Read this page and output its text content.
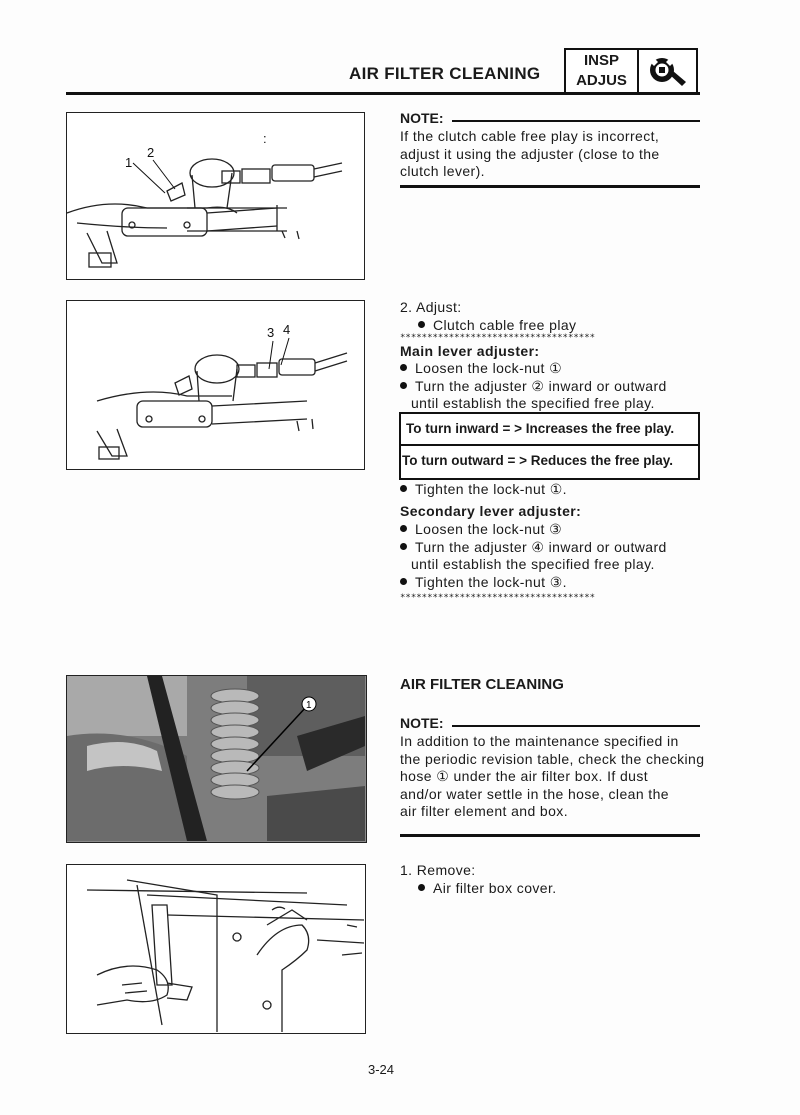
AIR FILTER CLEANING
INSP
ADJUS
1
2
:
3 4
NOTE:
If the clutch cable free play is incorrect,
adjust it using the adjuster (close to the
clutch lever).
2. Adjust:
Clutch cable free play
************************************
Main lever adjuster:
Loosen the lock-nut ①
Turn the adjuster ② inward or outward
until establish the specified free play.
To turn inward = > Increases the free play.
To turn outward = > Reduces the free play.
Tighten the lock-nut ①.
Secondary lever adjuster:
Loosen the lock-nut ③
Turn the adjuster ④ inward or outward
until establish the specified free play.
Tighten the lock-nut ③.
************************************
1
AIR FILTER CLEANING
NOTE:
In addition to the maintenance specified in
the periodic revision table, check the checking
hose ① under the air filter box. If dust
and/or water settle in the hose, clean the
air filter element and box.
1. Remove:
Air filter box cover.
3-24
